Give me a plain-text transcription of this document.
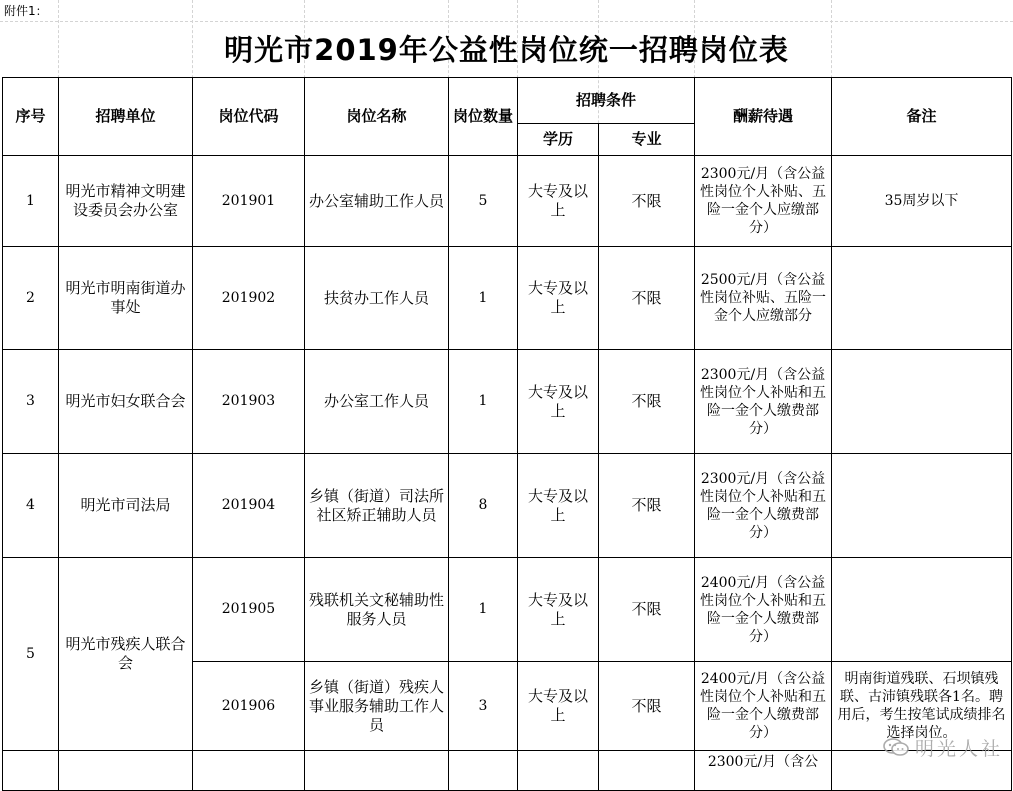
附件1：
明光市2019年公益性岗位统一招聘岗位表
序号	招聘单位	岗位代码	岗位名称	岗位数量	招聘条件		酬薪待遇	备注
					学历	专业		
1	明光市精神文明建设委员会办公室	201901	办公室辅助工作人员	5	大专及以上	不限	2300元/月（含公益性岗位个人补贴、五险一金个人应缴部分）	35周岁以下
2	明光市明南街道办事处	201902	扶贫办工作人员	1	大专及以上	不限	2500元/月（含公益性岗位补贴、五险一金个人应缴部分	
3	明光市妇女联合会	201903	办公室工作人员	1	大专及以上	不限	2300元/月（含公益性岗位个人补贴和五险一金个人缴费部分）	
4	明光市司法局	201904	乡镇（街道）司法所社区矫正辅助人员	8	大专及以上	不限	2300元/月（含公益性岗位个人补贴和五险一金个人缴费部分）	
5	明光市残疾人联合会	201905	残联机关文秘辅助性服务人员	1	大专及以上	不限	2400元/月（含公益性岗位个人补贴和五险一金个人缴费部分）	
		201906	乡镇（街道）残疾人事业服务辅助工作人员	3	大专及以上	不限	2400元/月（含公益性岗位个人补贴和五险一金个人缴费部分）	明南街道残联、石坝镇残联、古沛镇残联各1名。聘用后，考生按笔试成绩排名选择岗位。
							2300元/月（含公	
明光人社
